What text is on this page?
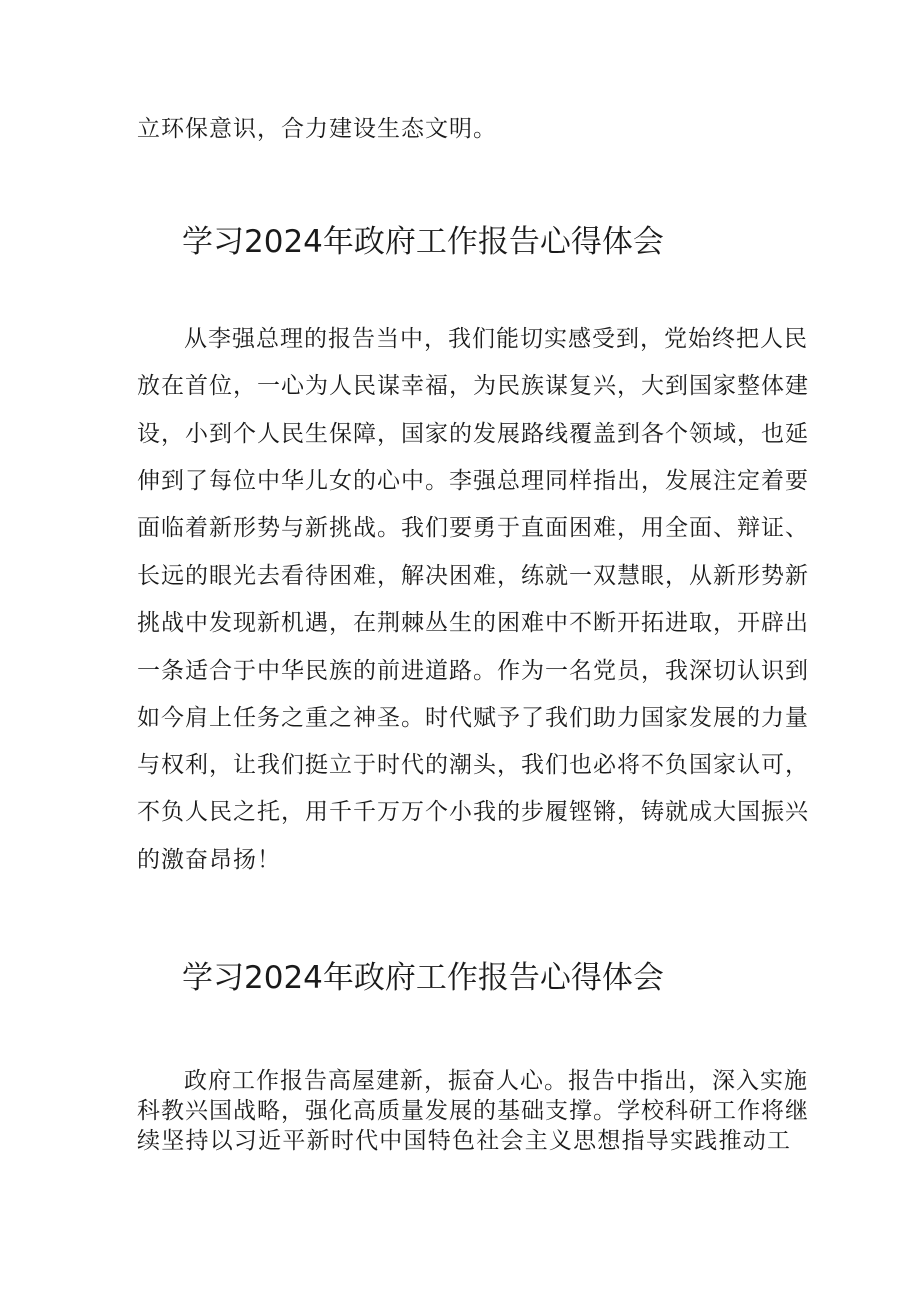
立环保意识，合力建设生态文明。
学习2024年政府工作报告心得体会
从李强总理的报告当中，我们能切实感受到，党始终把人民
放在首位，一心为人民谋幸福，为民族谋复兴，大到国家整体建
设，小到个人民生保障，国家的发展路线覆盖到各个领域，也延
伸到了每位中华儿女的心中。李强总理同样指出，发展注定着要
面临着新形势与新挑战。我们要勇于直面困难，用全面、辩证、
长远的眼光去看待困难，解决困难，练就一双慧眼，从新形势新
挑战中发现新机遇，在荆棘丛生的困难中不断开拓进取，开辟出
一条适合于中华民族的前进道路。作为一名党员，我深切认识到
如今肩上任务之重之神圣。时代赋予了我们助力国家发展的力量
与权利，让我们挺立于时代的潮头，我们也必将不负国家认可，
不负人民之托，用千千万万个小我的步履铿锵，铸就成大国振兴
的激奋昂扬！
学习2024年政府工作报告心得体会
政府工作报告高屋建新，振奋人心。报告中指出，深入实施
科教兴国战略，强化高质量发展的基础支撑。学校科研工作将继
续坚持以习近平新时代中国特色社会主义思想指导实践推动工
